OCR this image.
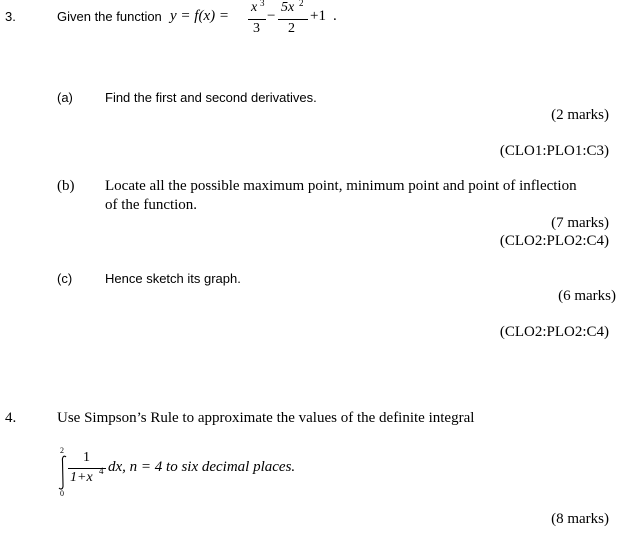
3.	Given the function y = f(x) =
x 3
3
−
5x 2
2
+1 .
(a) Find the first and second derivatives.
(2 marks)
(CLO1:PLO1:C3)
(b) Locate all the possible maximum point, minimum point and point of inflection
of the function.
(7 marks)
(CLO2:PLO2:C4)
(c)	Hence sketch its graph.
(6 marks)
(CLO2:PLO2:C4)
4.	Use Simpson’s Rule to approximate the values of the definite integral
2
0
1
1+x 4 dx, n = 4 to six decimal places.
(8 marks)
